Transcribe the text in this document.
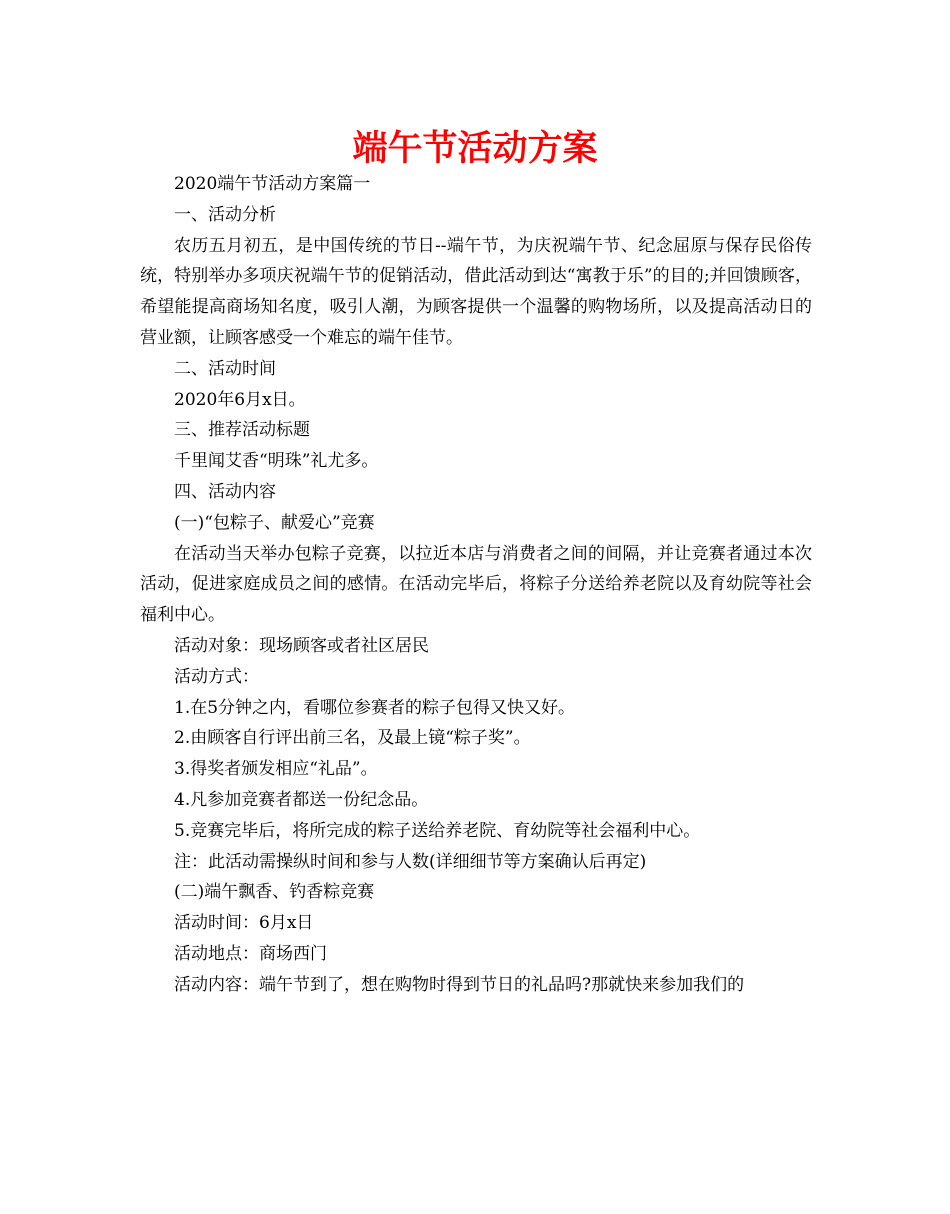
端午节活动方案

2020端午节活动方案篇一

一、活动分析

农历五月初五，是中国传统的节日--端午节，为庆祝端午节、纪念屈原与保存民俗传统，特别举办多项庆祝端午节的促销活动，借此活动到达“寓教于乐”的目的;并回馈顾客，希望能提高商场知名度，吸引人潮，为顾客提供一个温馨的购物场所，以及提高活动日的营业额，让顾客感受一个难忘的端午佳节。

二、活动时间

2020年6月x日。

三、推荐活动标题

千里闻艾香“明珠”礼尤多。

四、活动内容

(一)“包粽子、献爱心”竞赛

在活动当天举办包粽子竞赛，以拉近本店与消费者之间的间隔，并让竞赛者通过本次活动，促进家庭成员之间的感情。在活动完毕后，将粽子分送给养老院以及育幼院等社会福利中心。

活动对象：现场顾客或者社区居民

活动方式：

1.在5分钟之内，看哪位参赛者的粽子包得又快又好。

2.由顾客自行评出前三名，及最上镜“粽子奖”。

3.得奖者颁发相应“礼品”。

4.凡参加竞赛者都送一份纪念品。

5.竞赛完毕后，将所完成的粽子送给养老院、育幼院等社会福利中心。

注：此活动需操纵时间和参与人数(详细细节等方案确认后再定)

(二)端午飘香、钓香粽竞赛

活动时间：6月x日

活动地点：商场西门

活动内容：端午节到了，想在购物时得到节日的礼品吗?那就快来参加我们的
